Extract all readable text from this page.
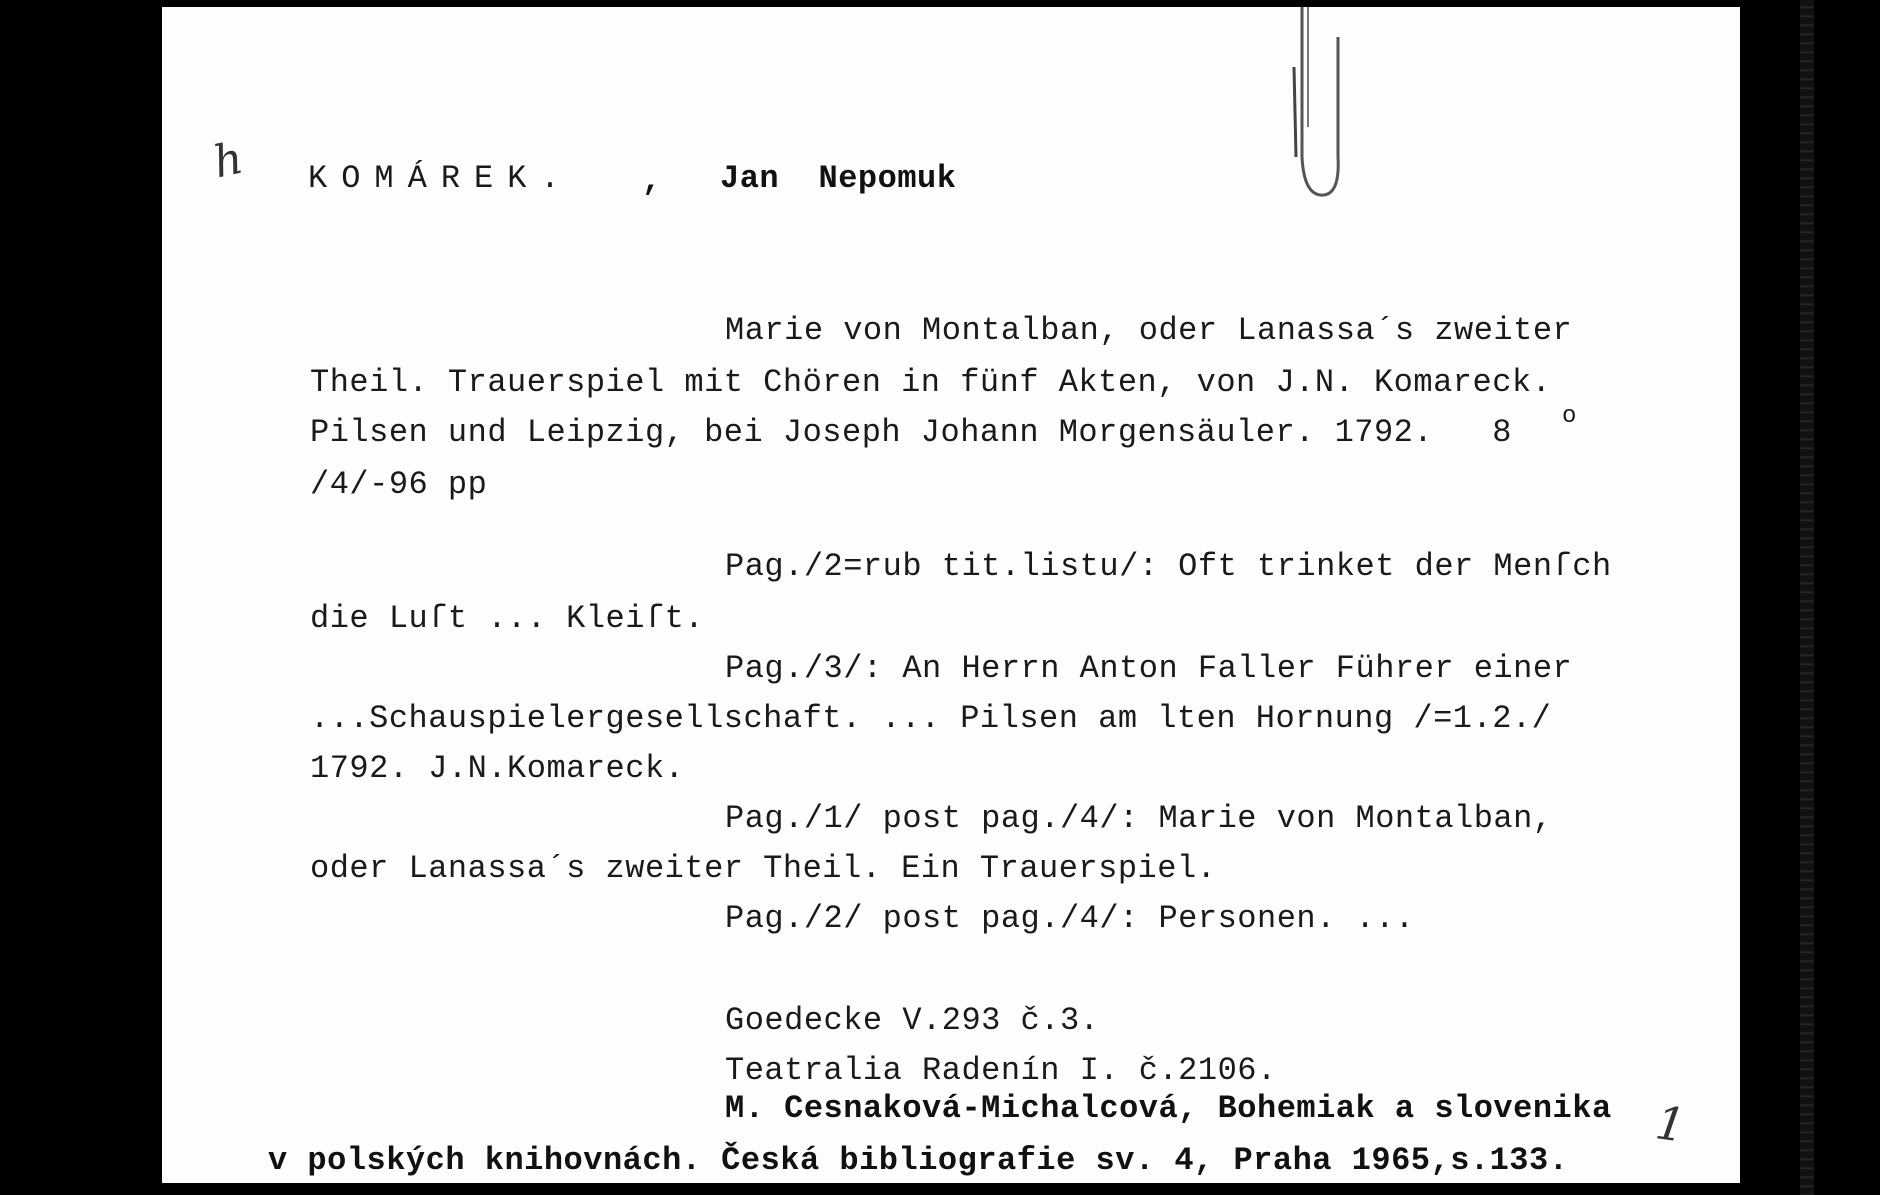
h KOMÁREK. , Jan  Nepomuk
Marie von Montalban, oder Lanassa´s zweiter
Theil. Trauerspiel mit Chören in fünf Akten, von J.N. Komareck.
Pilsen und Leipzig, bei Joseph Johann Morgensäuler. 1792.   8 o
/4/-96 pp
Pag./2=rub tit.listu/: Oft trinket der Menſch
die Luſt ... Kleiſt.
Pag./3/: An Herrn Anton Faller Führer einer
...Schauspielergesellschaft. ... Pilsen am lten Hornung /=1.2./
1792. J.N.Komareck.
Pag./1/ post pag./4/: Marie von Montalban,
oder Lanassa´s zweiter Theil. Ein Trauerspiel.
Pag./2/ post pag./4/: Personen. ...
Goedecke V.293 č.3.
Teatralia Radenín I. č.2106.
M. Cesnaková-Michalcová, Bohemiak a slovenika
v polských knihovnách. Česká bibliografie sv. 4, Praha 1965,s.133.
1
